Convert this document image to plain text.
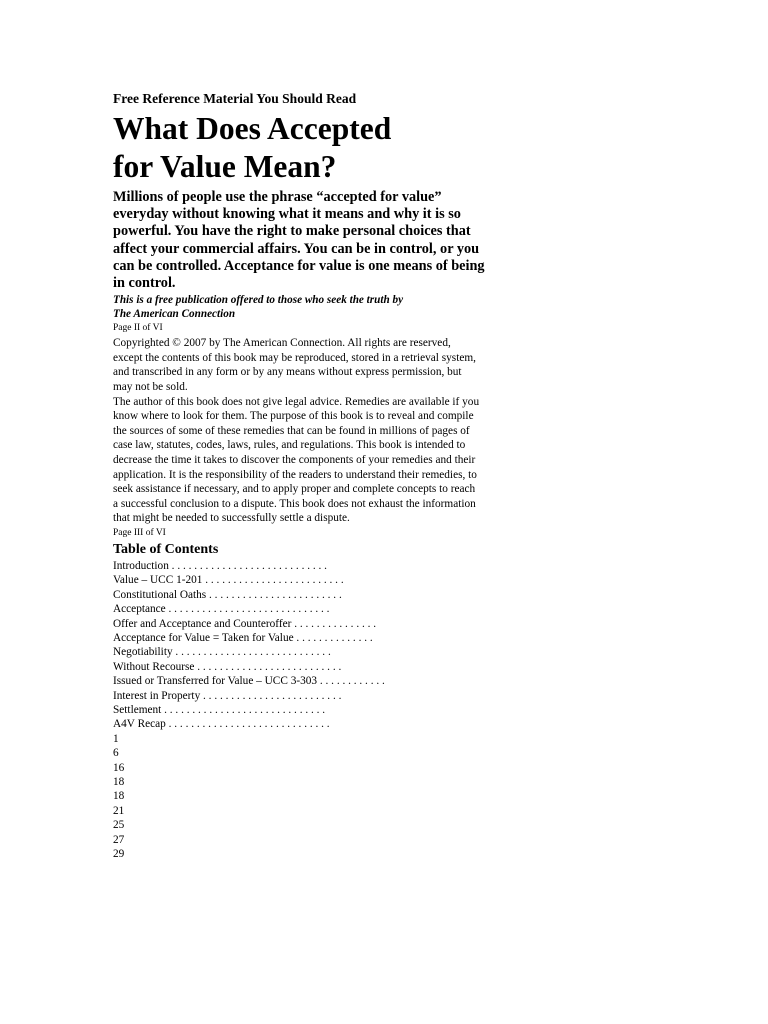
Free Reference Material You Should Read
What Does Accepted for Value Mean?

Millions of people use the phrase “accepted for value” everyday without knowing what it means and why it is so powerful. You have the right to make personal choices that affect your commercial affairs. You can be in control, or you can be controlled. Acceptance for value is one means of being in control.

This is a free publication offered to those who seek the truth by
The American Connection
Page II of VI

Copyrighted © 2007 by The American Connection. All rights are reserved, except the contents of this book may be reproduced, stored in a retrieval system, and transcribed in any form or by any means without express permission, but may not be sold.

The author of this book does not give legal advice. Remedies are available if you know where to look for them. The purpose of this book is to reveal and compile the sources of some of these remedies that can be found in millions of pages of case law, statutes, codes, laws, rules, and regulations. This book is intended to decrease the time it takes to discover the components of your remedies and their application. It is the responsibility of the readers to understand their remedies, to seek assistance if necessary, and to apply proper and complete concepts to reach a successful conclusion to a dispute. This book does not exhaust the information that might be needed to successfully settle a dispute.

Page III of VI
Table of Contents
Introduction . . . . . . . . . . . . . . . . . . . . . . . . . . . .
Value – UCC 1-201 . . . . . . . . . . . . . . . . . . . . . . . . .
Constitutional Oaths . . . . . . . . . . . . . . . . . . . . . . . .
Acceptance . . . . . . . . . . . . . . . . . . . . . . . . . . . . .
Offer and Acceptance and Counteroffer . . . . . . . . . . . . . . .
Acceptance for Value = Taken for Value . . . . . . . . . . . . . .
Negotiability . . . . . . . . . . . . . . . . . . . . . . . . . . . .
Without Recourse . . . . . . . . . . . . . . . . . . . . . . . . . .
Issued or Transferred for Value – UCC 3-303 . . . . . . . . . . . .
Interest in Property . . . . . . . . . . . . . . . . . . . . . . . . .
Settlement . . . . . . . . . . . . . . . . . . . . . . . . . . . . .
A4V Recap . . . . . . . . . . . . . . . . . . . . . . . . . . . . .
1
6
16
18
18
21
25
27
29
